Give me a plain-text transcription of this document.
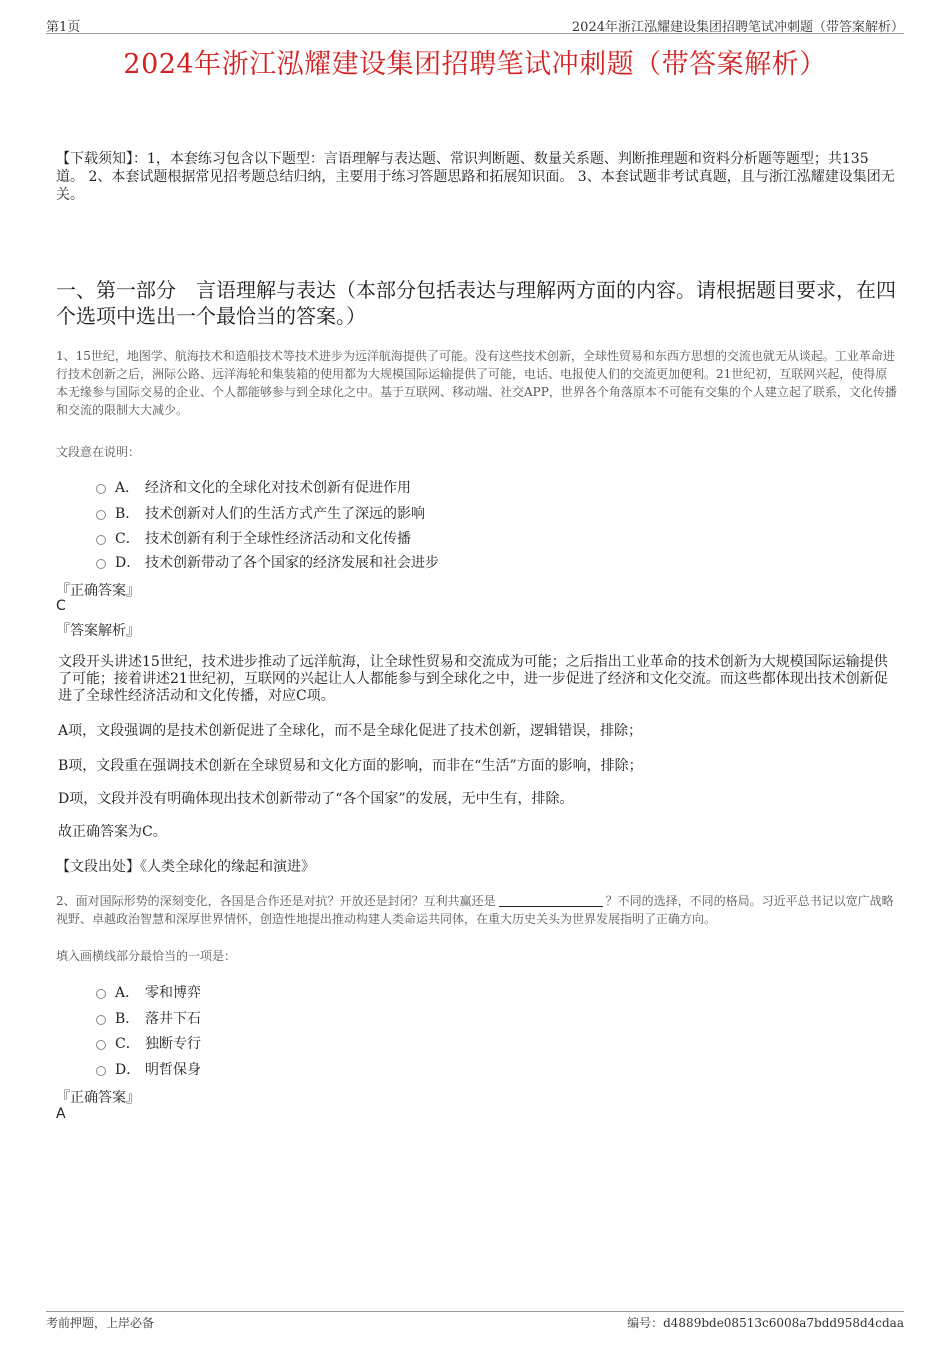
第1页	2024年浙江泓耀建设集团招聘笔试冲刺题（带答案解析）
2024年浙江泓耀建设集团招聘笔试冲刺题（带答案解析）
【下载须知】：1，本套练习包含以下题型：言语理解与表达题、常识判断题、数量关系题、判断推理题和资料分析题等题型；共135道。 2、本套试题根据常见招考题总结归纳，主要用于练习答题思路和拓展知识面。 3、本套试题非考试真题，且与浙江泓耀建设集团无关。
一、第一部分　言语理解与表达（本部分包括表达与理解两方面的内容。请根据题目要求，在四个选项中选出一个最恰当的答案。）
1、15世纪，地图学、航海技术和造船技术等技术进步为远洋航海提供了可能。没有这些技术创新，全球性贸易和东西方思想的交流也就无从谈起。工业革命进行技术创新之后，洲际公路、远洋海轮和集装箱的使用都为大规模国际运输提供了可能，电话、电报使人们的交流更加便利。21世纪初，互联网兴起，使得原本无缘参与国际交易的企业、个人都能够参与到全球化之中。基于互联网、移动端、社交APP，世界各个角落原本不可能有交集的个人建立起了联系，文化传播和交流的限制大大减少。
文段意在说明：
A． 经济和文化的全球化对技术创新有促进作用
B． 技术创新对人们的生活方式产生了深远的影响
C． 技术创新有利于全球性经济活动和文化传播
D． 技术创新带动了各个国家的经济发展和社会进步
『正确答案』
C
『答案解析』
文段开头讲述15世纪，技术进步推动了远洋航海，让全球性贸易和交流成为可能；之后指出工业革命的技术创新为大规模国际运输提供了可能；接着讲述21世纪初，互联网的兴起让人人都能参与到全球化之中，进一步促进了经济和文化交流。而这些都体现出技术创新促进了全球性经济活动和文化传播，对应C项。
A项，文段强调的是技术创新促进了全球化，而不是全球化促进了技术创新，逻辑错误，排除；
B项，文段重在强调技术创新在全球贸易和文化方面的影响，而非在“生活”方面的影响，排除；
D项，文段并没有明确体现出技术创新带动了“各个国家”的发展，无中生有，排除。
故正确答案为C。
【文段出处】《人类全球化的缘起和演进》
2、面对国际形势的深刻变化，各国是合作还是对抗？开放还是封闭？互利共赢还是	？不同的选择，不同的格局。习近平总书记以宽广战略视野、卓越政治智慧和深厚世界情怀，创造性地提出推动构建人类命运共同体，在重大历史关头为世界发展指明了正确方向。
填入画横线部分最恰当的一项是：
A． 零和博弈
B． 落井下石
C． 独断专行
D． 明哲保身
『正确答案』
A
考前押题，上岸必备	编号：d4889bde08513c6008a7bdd958d4cdaa
